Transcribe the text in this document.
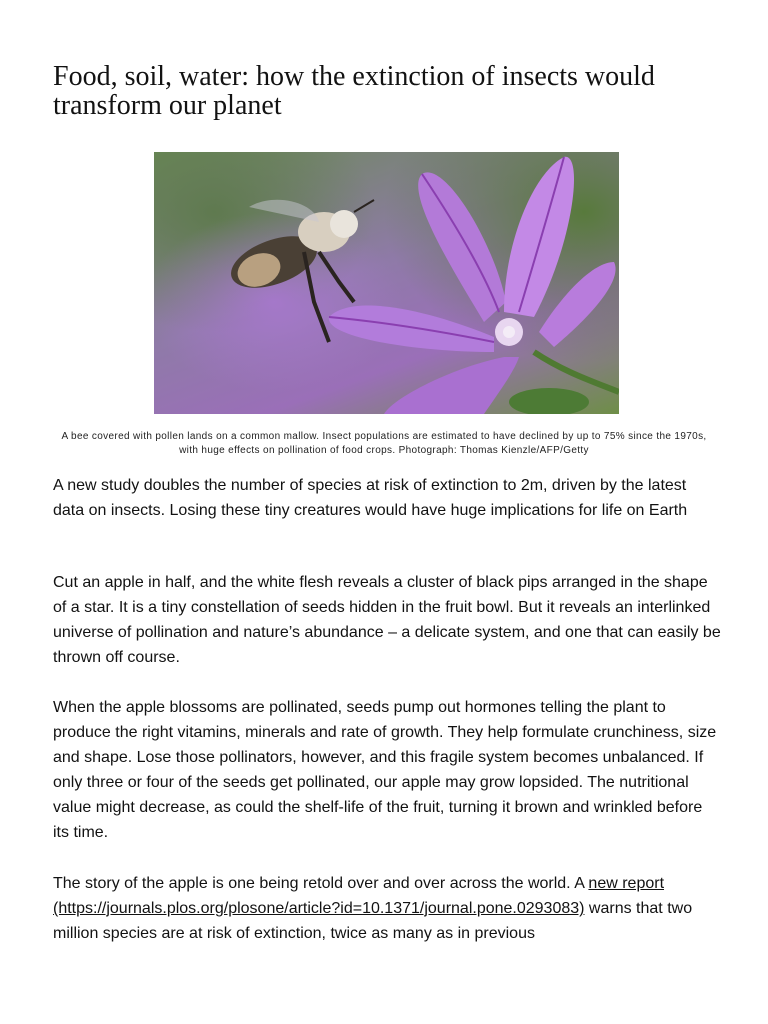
Food, soil, water: how the extinction of insects would transform our planet

A bee covered with pollen lands on a common mallow. Insect populations are estimated to have declined by up to 75% since the 1970s, with huge effects on pollination of food crops. Photograph: Thomas Kienzle/AFP/Getty

A new study doubles the number of species at risk of extinction to 2m, driven by the latest data on insects. Losing these tiny creatures would have huge implications for life on Earth

Cut an apple in half, and the white flesh reveals a cluster of black pips arranged in the shape of a star. It is a tiny constellation of seeds hidden in the fruit bowl. But it reveals an interlinked universe of pollination and nature’s abundance – a delicate system, and one that can easily be thrown off course.

When the apple blossoms are pollinated, seeds pump out hormones telling the plant to produce the right vitamins, minerals and rate of growth. They help formulate crunchiness, size and shape. Lose those pollinators, however, and this fragile system becomes unbalanced. If only three or four of the seeds get pollinated, our apple may grow lopsided. The nutritional value might decrease, as could the shelf-life of the fruit, turning it brown and wrinkled before its time.

The story of the apple is one being retold over and over across the world. A new report (https://journals.plos.org/plosone/article?id=10.1371/journal.pone.0293083) warns that two million species are at risk of extinction, twice as many as in previous
